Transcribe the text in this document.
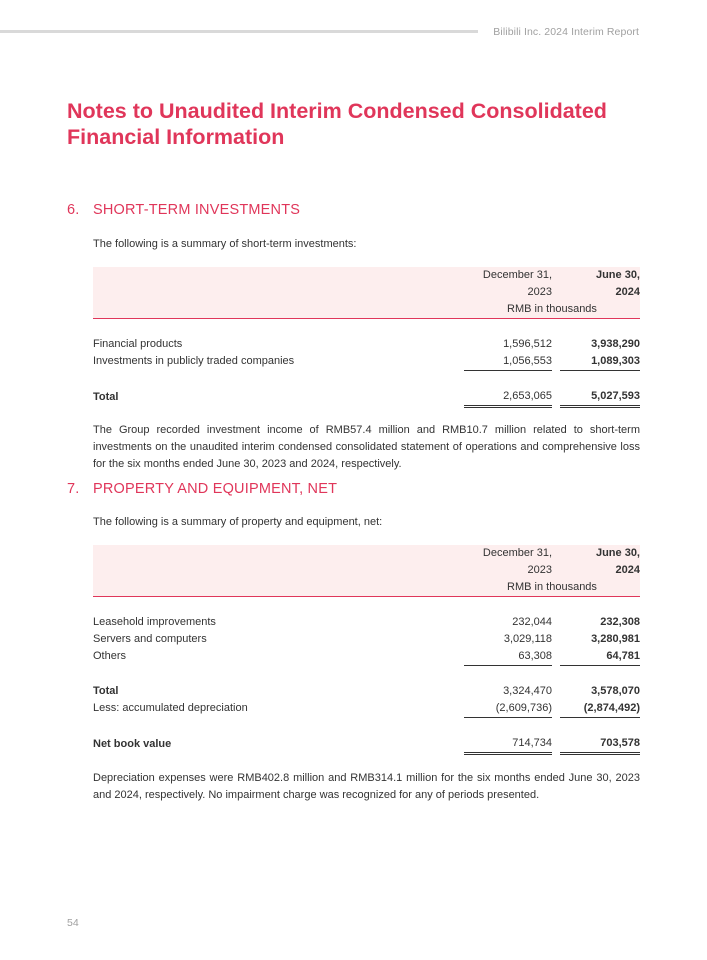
Bilibili Inc. 2024 Interim Report
Notes to Unaudited Interim Condensed Consolidated Financial Information
6. SHORT-TERM INVESTMENTS

The following is a summary of short-term investments:

	December 31,		June 30,
	2023		2024
	RMB in thousands		

Financial products	1,596,512		3,938,290
Investments in publicly traded companies	1,056,553		1,089,303

Total	2,653,065		5,027,593

The Group recorded investment income of RMB57.4 million and RMB10.7 million related to short-term investments on the unaudited interim condensed consolidated statement of operations and comprehensive loss for the six months ended June 30, 2023 and 2024, respectively.

7. PROPERTY AND EQUIPMENT, NET

The following is a summary of property and equipment, net:

	December 31,		June 30,
	2023		2024
	RMB in thousands		

Leasehold improvements	232,044		232,308
Servers and computers	3,029,118		3,280,981
Others	63,308		64,781

Total	3,324,470		3,578,070
Less: accumulated depreciation	(2,609,736)		(2,874,492)

Net book value	714,734		703,578

Depreciation expenses were RMB402.8 million and RMB314.1 million for the six months ended June 30, 2023 and 2024, respectively. No impairment charge was recognized for any of periods presented.

54
